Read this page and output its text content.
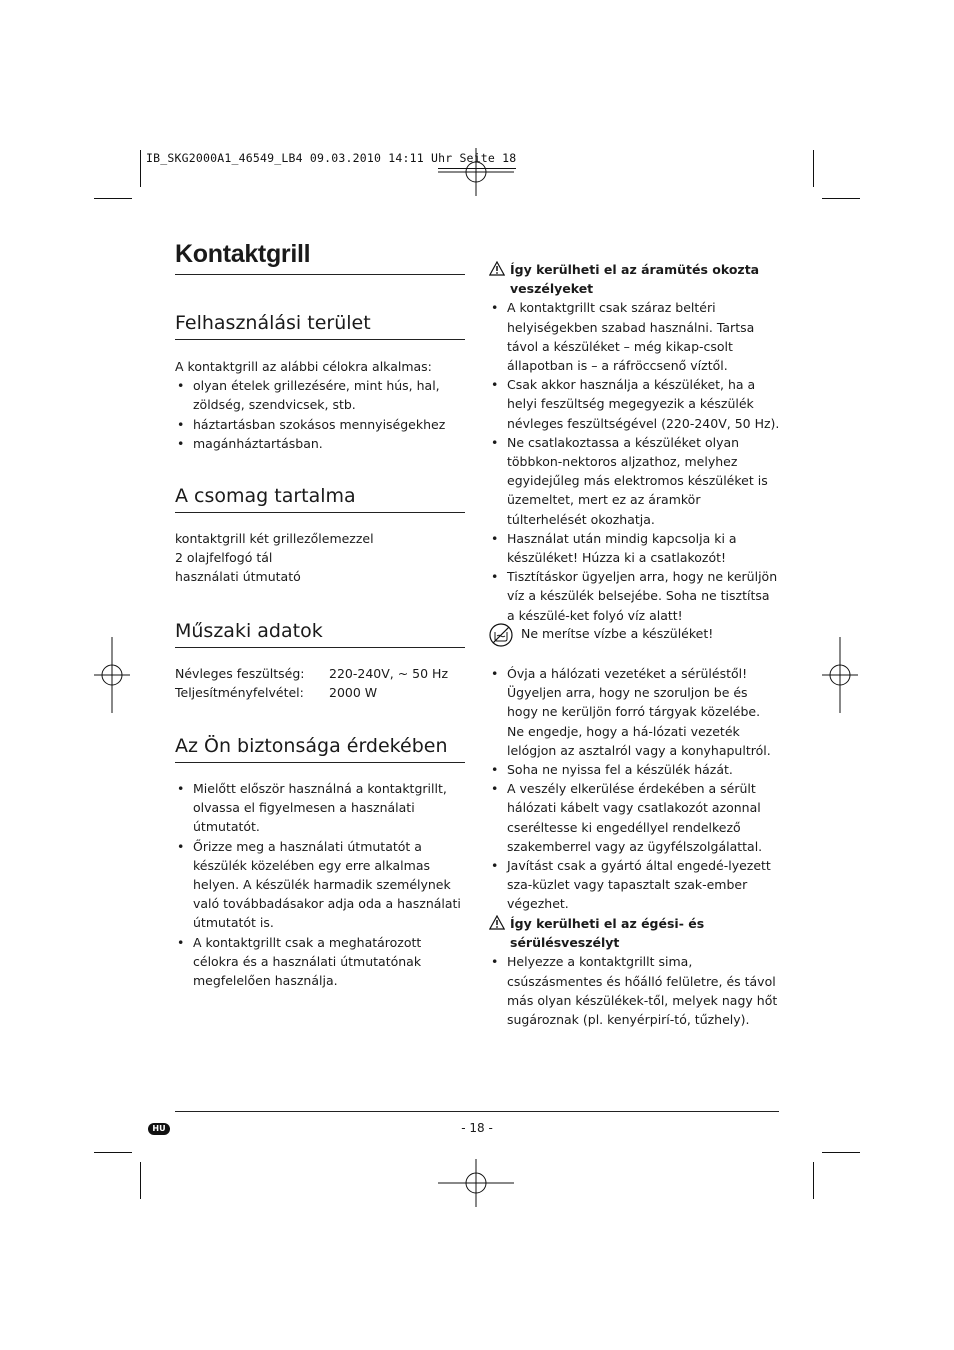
IB_SKG2000A1_46549_LB4 09.03.2010 14:11 Uhr Seite 18
Kontaktgrill
Felhasználási terület

A kontaktgrill az alábbi célokra alkalmas:

• olyan ételek grillezésére, mint hús, hal, zöldség, szendvicsek, stb.
• háztartásban szokásos mennyiségekhez
• magánháztartásban.
A csomag tartalma
kontaktgrill két grillezőlemezzel
2 olajfelfogó tál
használati útmutató
Műszaki adatok
Névleges feszültség:	220-240V, ~ 50 Hz
Teljesítményfelvétel:	2000 W
Az Ön biztonsága érdekében
• Mielőtt először használná a kontaktgrillt, olvassa el figyelmesen a használati útmutatót.
• Őrizze meg a használati útmutatót a készülék közelében egy erre alkalmas helyen. A készülék harmadik személynek való továbbadásakor adja oda a használati útmutatót is.
• A kontaktgrillt csak a meghatározott célokra és a használati útmutatónak megfelelően használja.
Így kerülheti el az áramütés okozta
veszélyeket
• A kontaktgrillt csak száraz beltéri helyiségekben szabad használni. Tartsa távol a készüléket – még kikap-csolt állapotban is – a ráfröccsenő víztől.
• Csak akkor használja a készüléket, ha a helyi feszültség megegyezik a készülék névleges feszültségével (220-240V, 50 Hz).
• Ne csatlakoztassa a készüléket olyan többkon-nektoros aljzathoz, melyhez egyidejűleg más elektromos készüléket is üzemeltet, mert ez az áramkör túlterhelését okozhatja.
• Használat után mindig kapcsolja ki a készüléket! Húzza ki a csatlakozót!
• Tisztításkor ügyeljen arra, hogy ne kerüljön víz a készülék belsejébe. Soha ne tisztítsa a készülé-ket folyó víz alatt!
Ne merítse vízbe a készüléket!
• Óvja a hálózati vezetéket a sérüléstől! Ügyeljen arra, hogy ne szoruljon be és hogy ne kerüljön forró tárgyak közelébe. Ne engedje, hogy a há-lózati vezeték lelógjon az asztalról vagy a konyhapultról.
• Soha ne nyissa fel a készülék házát.
• A veszély elkerülése érdekében a sérült hálózati kábelt vagy csatlakozót azonnal cseréltesse ki engedéllyel rendelkező szakemberrel vagy az ügyfélszolgálattal.
• Javítást csak a gyártó által engedé-lyezett sza-küzlet vagy tapasztalt szak-ember végezhet.
Így kerülheti el az égési- és sérülésveszélyt
• Helyezze a kontaktgrillt sima, csúszásmentes és hőálló felületre, és távol más olyan készülékek-től, melyek nagy hőt sugároznak (pl. kenyérpirí-tó, tűzhely).
HU	- 18 -
